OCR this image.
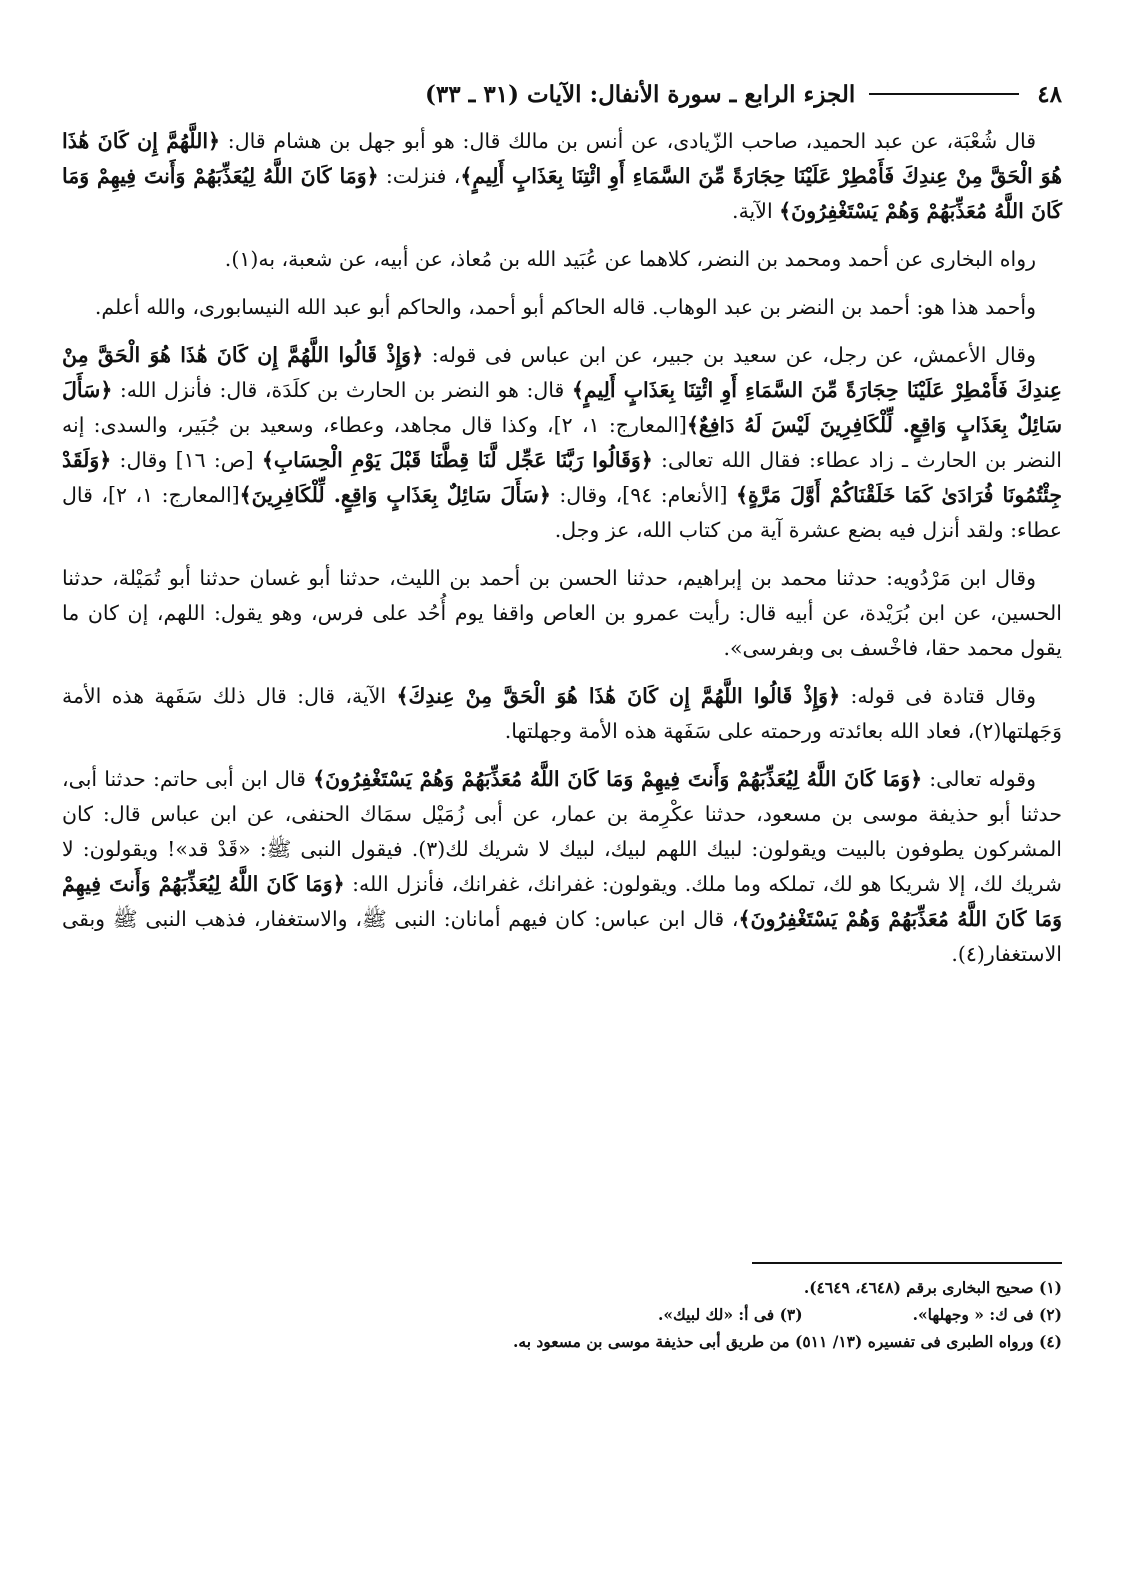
٤٨
الجزء الرابع ـ سورة الأنفال: الآيات (٣١ ـ ٣٣)

قال شُعْبَة، عن عبد الحميد، صاحب الزّيادى، عن أنس بن مالك قال: هو أبو جهل بن هشام قال: ﴿اللَّهُمَّ إِن كَانَ هَٰذَا هُوَ الْحَقَّ مِنْ عِندِكَ فَأَمْطِرْ عَلَيْنَا حِجَارَةً مِّنَ السَّمَاءِ أَوِ ائْتِنَا بِعَذَابٍ أَلِيمٍ﴾، فنزلت: ﴿وَمَا كَانَ اللَّهُ لِيُعَذِّبَهُمْ وَأَنتَ فِيهِمْ وَمَا كَانَ اللَّهُ مُعَذِّبَهُمْ وَهُمْ يَسْتَغْفِرُونَ﴾ الآية.

رواه البخارى عن أحمد ومحمد بن النضر، كلاهما عن عُبَيد الله بن مُعاذ، عن أبيه، عن شعبة، به(١).

وأحمد هذا هو: أحمد بن النضر بن عبد الوهاب. قاله الحاكم أبو أحمد، والحاكم أبو عبد الله النيسابورى، والله أعلم.

وقال الأعمش، عن رجل، عن سعيد بن جبير، عن ابن عباس فى قوله: ﴿وَإِذْ قَالُوا اللَّهُمَّ إِن كَانَ هَٰذَا هُوَ الْحَقَّ مِنْ عِندِكَ فَأَمْطِرْ عَلَيْنَا حِجَارَةً مِّنَ السَّمَاءِ أَوِ ائْتِنَا بِعَذَابٍ أَلِيمٍ﴾ قال: هو النضر بن الحارث بن كلَدَة، قال: فأنزل الله: ﴿سَأَلَ سَائِلٌ بِعَذَابٍ وَاقِعٍ. لِّلْكَافِرِينَ لَيْسَ لَهُ دَافِعٌ﴾[المعارج: ١، ٢]، وكذا قال مجاهد، وعطاء، وسعيد بن جُبَير، والسدى: إنه النضر بن الحارث ـ زاد عطاء: فقال الله تعالى: ﴿وَقَالُوا رَبَّنَا عَجِّل لَّنَا قِطَّنَا قَبْلَ يَوْمِ الْحِسَابِ﴾ [ص: ١٦] وقال: ﴿وَلَقَدْ جِئْتُمُونَا فُرَادَىٰ كَمَا خَلَقْنَاكُمْ أَوَّلَ مَرَّةٍ﴾ [الأنعام: ٩٤]، وقال: ﴿سَأَلَ سَائِلٌ بِعَذَابٍ وَاقِعٍ. لِّلْكَافِرِينَ﴾[المعارج: ١، ٢]، قال عطاء: ولقد أنزل فيه بضع عشرة آية من كتاب الله، عز وجل.

وقال ابن مَرْدُويه: حدثنا محمد بن إبراهيم، حدثنا الحسن بن أحمد بن الليث، حدثنا أبو غسان حدثنا أبو تُمَيْلة، حدثنا الحسين، عن ابن بُرَيْدة، عن أبيه قال: رأيت عمرو بن العاص واقفا يوم أُحُد على فرس، وهو يقول: اللهم، إن كان ما يقول محمد حقا، فاخْسف بى وبفرسى».

وقال قتادة فى قوله: ﴿وَإِذْ قَالُوا اللَّهُمَّ إِن كَانَ هَٰذَا هُوَ الْحَقَّ مِنْ عِندِكَ﴾ الآية، قال: قال ذلك سَفَهة هذه الأمة وَجَهلتها(٢)، فعاد الله بعائدته ورحمته على سَفَهة هذه الأمة وجهلتها.

وقوله تعالى: ﴿وَمَا كَانَ اللَّهُ لِيُعَذِّبَهُمْ وَأَنتَ فِيهِمْ وَمَا كَانَ اللَّهُ مُعَذِّبَهُمْ وَهُمْ يَسْتَغْفِرُونَ﴾ قال ابن أبى حاتم: حدثنا أبى، حدثنا أبو حذيفة موسى بن مسعود، حدثنا عكْرِمة بن عمار، عن أبى زُمَيْل سمَاك الحنفى، عن ابن عباس قال: كان المشركون يطوفون بالبيت ويقولون: لبيك اللهم لبيك، لبيك لا شريك لك(٣). فيقول النبى ﷺ: «قَدْ قد»! ويقولون: لا شريك لك، إلا شريكا هو لك، تملكه وما ملك. ويقولون: غفرانك، غفرانك، فأنزل الله: ﴿وَمَا كَانَ اللَّهُ لِيُعَذِّبَهُمْ وَأَنتَ فِيهِمْ وَمَا كَانَ اللَّهُ مُعَذِّبَهُمْ وَهُمْ يَسْتَغْفِرُونَ﴾، قال ابن عباس: كان فيهم أمانان: النبى ﷺ، والاستغفار، فذهب النبى ﷺ وبقى الاستغفار(٤).

(١) صحيح البخارى برقم (٤٦٤٨، ٤٦٤٩).
(٢) فى ك: « وجهلها».
(٣) فى أ: «لك لبيك».
(٤) ورواه الطبرى فى تفسيره (١٣/ ٥١١) من طريق أبى حذيفة موسى بن مسعود به.
